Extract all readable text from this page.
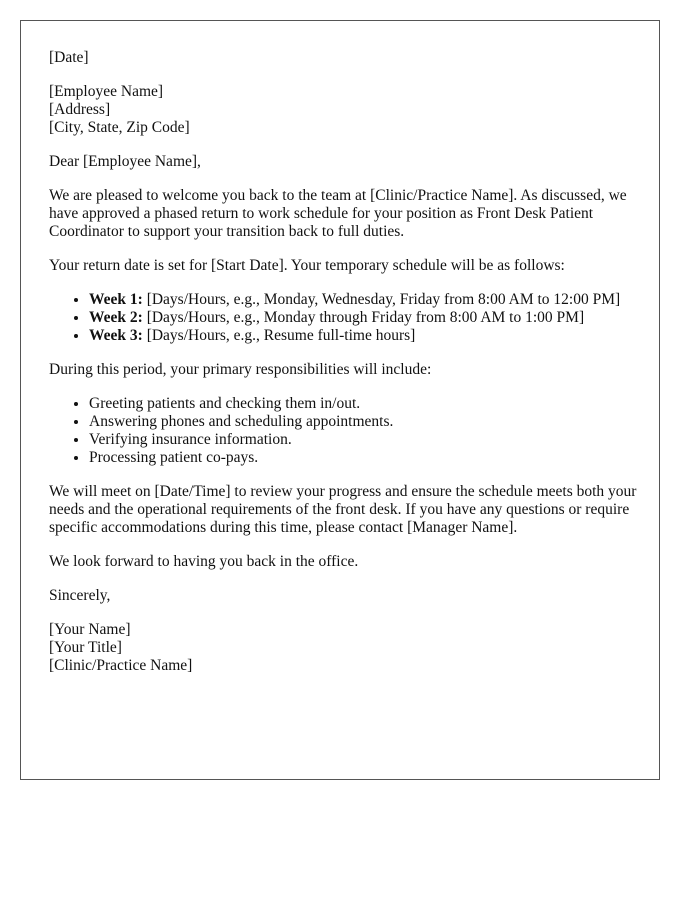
[Date]
[Employee Name]
[Address]
[City, State, Zip Code]

Dear [Employee Name],

We are pleased to welcome you back to the team at [Clinic/Practice Name]. As discussed, we have approved a phased return to work schedule for your position as Front Desk Patient Coordinator to support your transition back to full duties.

Your return date is set for [Start Date]. Your temporary schedule will be as follows:

• Week 1: [Days/Hours, e.g., Monday, Wednesday, Friday from 8:00 AM to 12:00 PM]
• Week 2: [Days/Hours, e.g., Monday through Friday from 8:00 AM to 1:00 PM]
• Week 3: [Days/Hours, e.g., Resume full-time hours]

During this period, your primary responsibilities will include:

• Greeting patients and checking them in/out.
• Answering phones and scheduling appointments.
• Verifying insurance information.
• Processing patient co-pays.

We will meet on [Date/Time] to review your progress and ensure the schedule meets both your needs and the operational requirements of the front desk. If you have any questions or require specific accommodations during this time, please contact [Manager Name].

We look forward to having you back in the office.

Sincerely,

[Your Name]
[Your Title]
[Clinic/Practice Name]
